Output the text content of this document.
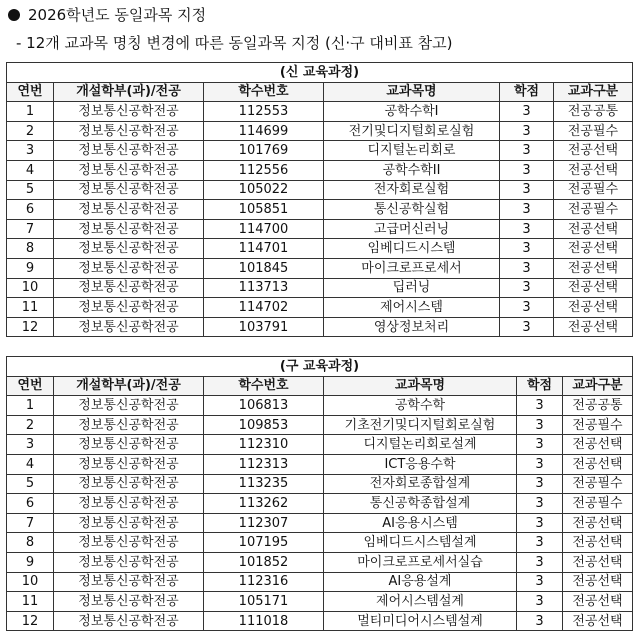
2026학년도 동일과목 지정
- 12개 교과목 명칭 변경에 따른 동일과목 지정 (신·구 대비표 참고)
(신 교육과정)					
연번	개설학부(과)/전공	학수번호	교과목명	학점	교과구분
1	정보통신공학전공	112553	공학수학I	3	전공공통
2	정보통신공학전공	114699	전기및디지털회로실험	3	전공필수
3	정보통신공학전공	101769	디지털논리회로	3	전공선택
4	정보통신공학전공	112556	공학수학II	3	전공선택
5	정보통신공학전공	105022	전자회로실험	3	전공필수
6	정보통신공학전공	105851	통신공학실험	3	전공필수
7	정보통신공학전공	114700	고급머신러닝	3	전공선택
8	정보통신공학전공	114701	임베디드시스템	3	전공선택
9	정보통신공학전공	101845	마이크로프로세서	3	전공선택
10	정보통신공학전공	113713	딥러닝	3	전공선택
11	정보통신공학전공	114702	제어시스템	3	전공선택
12	정보통신공학전공	103791	영상정보처리	3	전공선택
(구 교육과정)					
연번	개설학부(과)/전공	학수번호	교과목명	학점	교과구분
1	정보통신공학전공	106813	공학수학	3	전공공통
2	정보통신공학전공	109853	기초전기및디지털회로실험	3	전공필수
3	정보통신공학전공	112310	디지털논리회로설계	3	전공선택
4	정보통신공학전공	112313	ICT응용수학	3	전공선택
5	정보통신공학전공	113235	전자회로종합설계	3	전공필수
6	정보통신공학전공	113262	통신공학종합설계	3	전공필수
7	정보통신공학전공	112307	AI응용시스템	3	전공선택
8	정보통신공학전공	107195	임베디드시스템설계	3	전공선택
9	정보통신공학전공	101852	마이크로프로세서실습	3	전공선택
10	정보통신공학전공	112316	AI응용설계	3	전공선택
11	정보통신공학전공	105171	제어시스템설계	3	전공선택
12	정보통신공학전공	111018	멀티미디어시스템설계	3	전공선택
